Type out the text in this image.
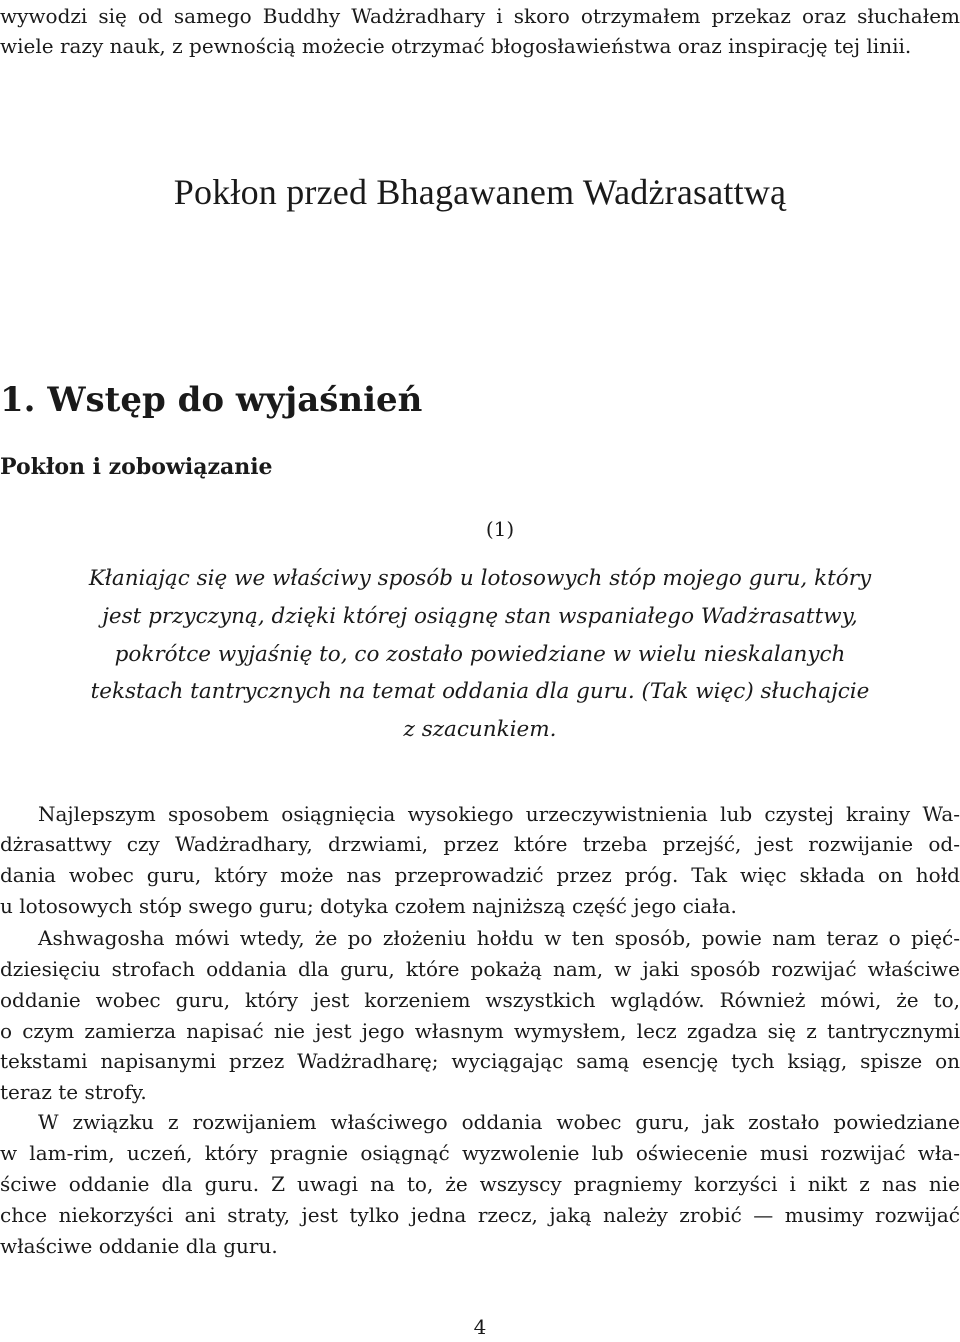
wywodzi się od samego Buddhy Wadżradhary i skoro otrzymałem przekaz oraz słuchałem
wiele razy nauk, z pewnością możecie otrzymać błogosławieństwa oraz inspirację tej linii.
Pokłon przed Bhagawanem Wadżrasattwą
1. Wstęp do wyjaśnień
Pokłon i zobowiązanie
(1)
Kłaniając się we właściwy sposób u lotosowych stóp mojego guru, który
jest przyczyną, dzięki której osiągnę stan wspaniałego Wadżrasattwy,
pokrótce wyjaśnię to, co zostało powiedziane w wielu nieskalanych
tekstach tantrycznych na temat oddania dla guru. (Tak więc) słuchajcie
z szacunkiem.
Najlepszym sposobem osiągnięcia wysokiego urzeczywistnienia lub czystej krainy Wa-
dżrasattwy czy Wadżradhary, drzwiami, przez które trzeba przejść, jest rozwijanie od-
dania wobec guru, który może nas przeprowadzić przez próg. Tak więc składa on hołd
u lotosowych stóp swego guru; dotyka czołem najniższą część jego ciała.
Ashwagosha mówi wtedy, że po złożeniu hołdu w ten sposób, powie nam teraz o pięć-
dziesięciu strofach oddania dla guru, które pokażą nam, w jaki sposób rozwijać właściwe
oddanie wobec guru, który jest korzeniem wszystkich wglądów. Również mówi, że to,
o czym zamierza napisać nie jest jego własnym wymysłem, lecz zgadza się z tantrycznymi
tekstami napisanymi przez Wadżradharę; wyciągając samą esencję tych ksiąg, spisze on
teraz te strofy.
W związku z rozwijaniem właściwego oddania wobec guru, jak zostało powiedziane
w lam-rim, uczeń, który pragnie osiągnąć wyzwolenie lub oświecenie musi rozwijać wła-
ściwe oddanie dla guru. Z uwagi na to, że wszyscy pragniemy korzyści i nikt z nas nie
chce niekorzyści ani straty, jest tylko jedna rzecz, jaką należy zrobić — musimy rozwijać
właściwe oddanie dla guru.
4
